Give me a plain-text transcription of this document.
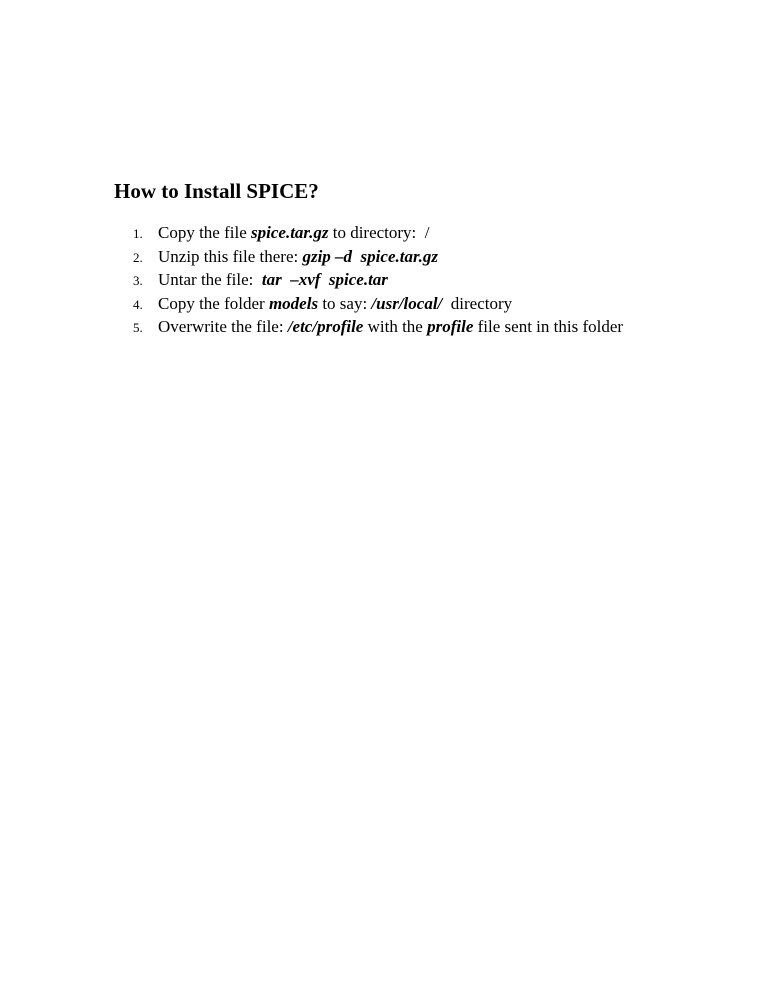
How to Install SPICE?
1. Copy the file spice.tar.gz to directory:  /
2. Unzip this file there: gzip –d  spice.tar.gz
3. Untar the file:  tar  –xvf  spice.tar
4. Copy the folder models to say: /usr/local/  directory
5. Overwrite the file: /etc/profile with the profile file sent in this folder
